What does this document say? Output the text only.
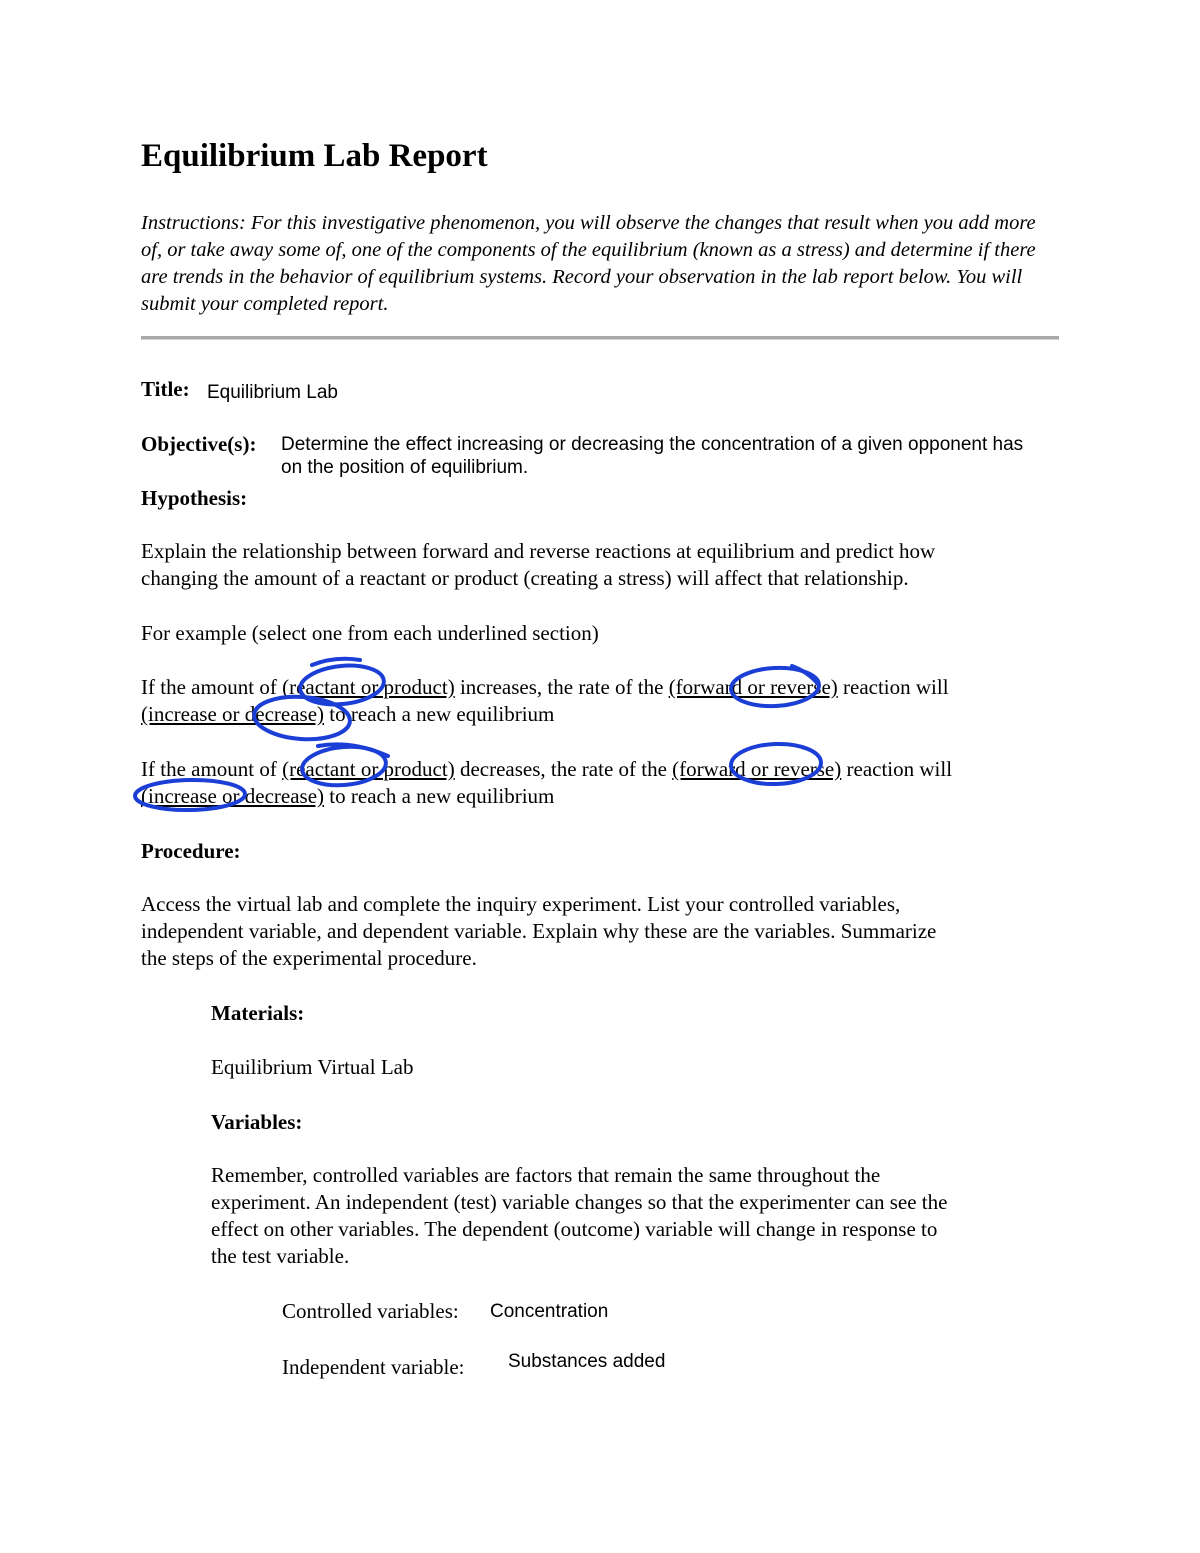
Equilibrium Lab Report
Instructions: For this investigative phenomenon, you will observe the changes that result when you add more of, or take away some of, one of the components of the equilibrium (known as a stress) and determine if there are trends in the behavior of equilibrium systems. Record your observation in the lab report below. You will submit your completed report.
Title: Equilibrium Lab
Objective(s): Determine the effect increasing or decreasing the concentration of a given opponent has
on the position of equilibrium.
Hypothesis:
Explain the relationship between forward and reverse reactions at equilibrium and predict how
changing the amount of a reactant or product (creating a stress) will affect that relationship.
For example (select one from each underlined section)
If the amount of (reactant or product) increases, the rate of the (forward or reverse) reaction will
(increase or decrease) to reach a new equilibrium
If the amount of (reactant or product) decreases, the rate of the (forward or reverse) reaction will
(increase or decrease) to reach a new equilibrium
Procedure:
Access the virtual lab and complete the inquiry experiment. List your controlled variables,
independent variable, and dependent variable. Explain why these are the variables. Summarize
the steps of the experimental procedure.
Materials:
Equilibrium Virtual Lab
Variables:
Remember, controlled variables are factors that remain the same throughout the
experiment. An independent (test) variable changes so that the experimenter can see the
effect on other variables. The dependent (outcome) variable will change in response to
the test variable.
Controlled variables: Concentration
Independent variable: Substances added
